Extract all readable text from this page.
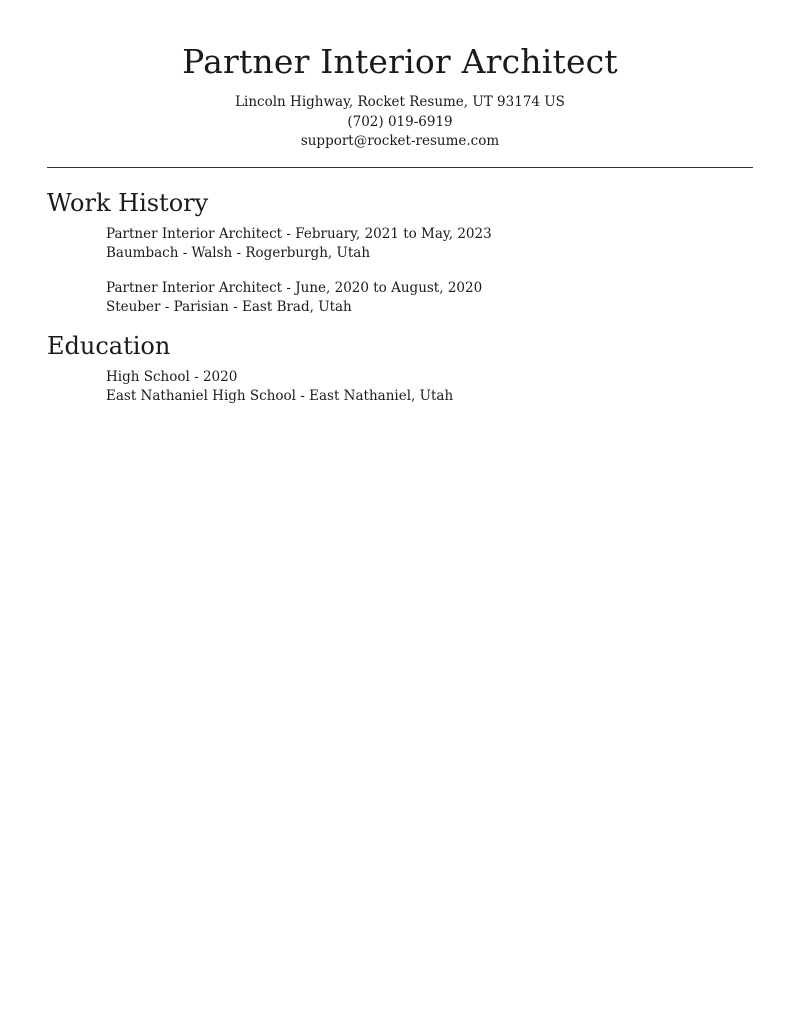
Partner Interior Architect
Lincoln Highway, Rocket Resume, UT 93174 US
(702) 019-6919
support@rocket-resume.com
Work History
Partner Interior Architect - February, 2021 to May, 2023
Baumbach - Walsh - Rogerburgh, Utah
Partner Interior Architect - June, 2020 to August, 2020
Steuber - Parisian - East Brad, Utah
Education
High School - 2020
East Nathaniel High School - East Nathaniel, Utah
